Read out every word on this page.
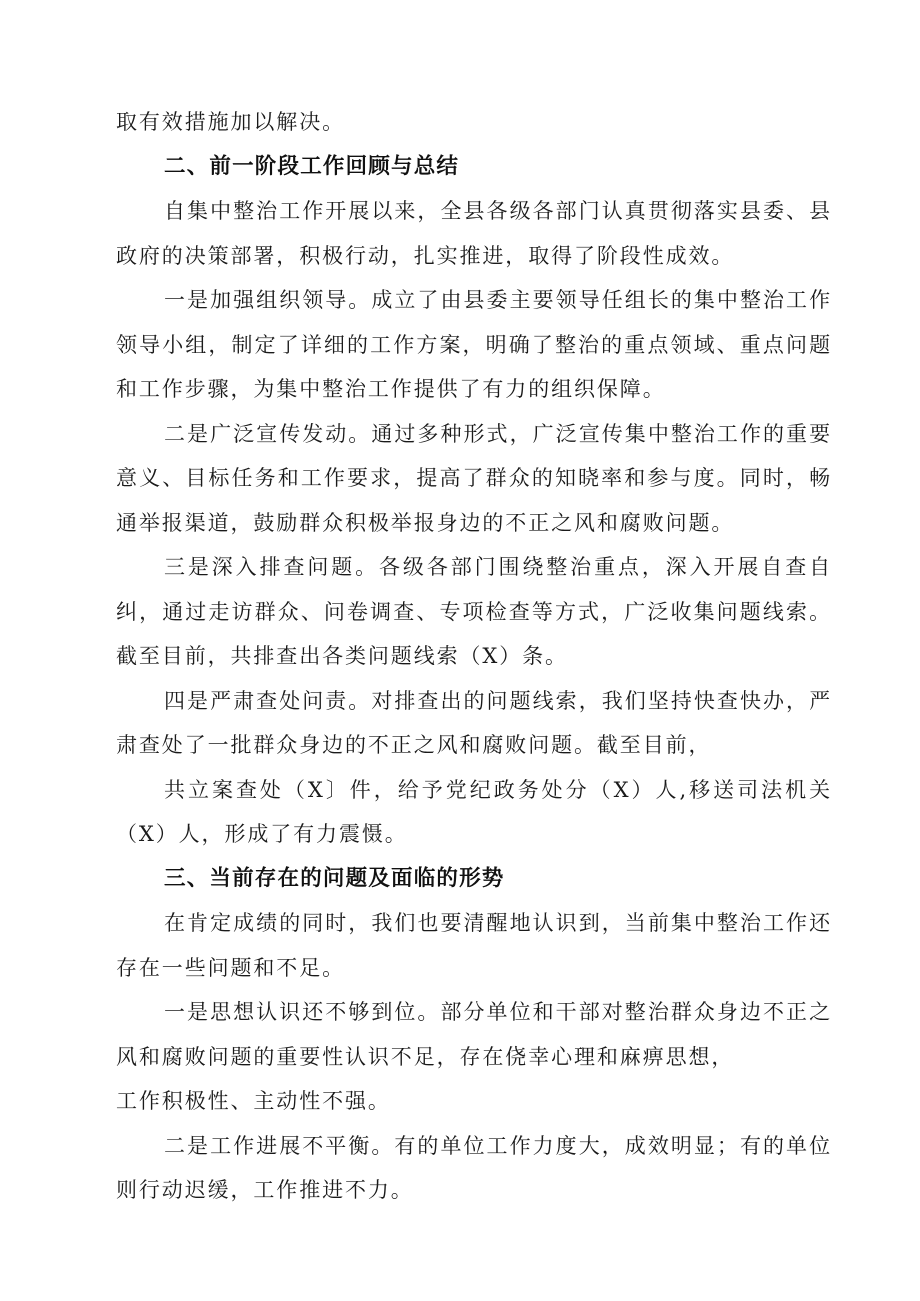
取有效措施加以解决。

二、前一阶段工作回顾与总结

自集中整治工作开展以来，全县各级各部门认真贯彻落实县委、县政府的决策部署，积极行动，扎实推进，取得了阶段性成效。

一是加强组织领导。成立了由县委主要领导任组长的集中整治工作领导小组，制定了详细的工作方案，明确了整治的重点领域、重点问题和工作步骤，为集中整治工作提供了有力的组织保障。

二是广泛宣传发动。通过多种形式，广泛宣传集中整治工作的重要意义、目标任务和工作要求，提高了群众的知晓率和参与度。同时，畅通举报渠道，鼓励群众积极举报身边的不正之风和腐败问题。

三是深入排查问题。各级各部门围绕整治重点，深入开展自查自纠，通过走访群众、问卷调查、专项检查等方式，广泛收集问题线索。截至目前，共排查出各类问题线索（X）条。

四是严肃查处问责。对排查出的问题线索，我们坚持快查快办，严肃查处了一批群众身边的不正之风和腐败问题。截至目前，

共立案查处（X〕件，给予党纪政务处分（X）人,移送司法机关（X）人，形成了有力震慑。

三、当前存在的问题及面临的形势

在肯定成绩的同时，我们也要清醒地认识到，当前集中整治工作还存在一些问题和不足。

一是思想认识还不够到位。部分单位和干部对整治群众身边不正之风和腐败问题的重要性认识不足，存在侥幸心理和麻痹思想，

工作积极性、主动性不强。

二是工作进展不平衡。有的单位工作力度大，成效明显；有的单位则行动迟缓，工作推进不力。
